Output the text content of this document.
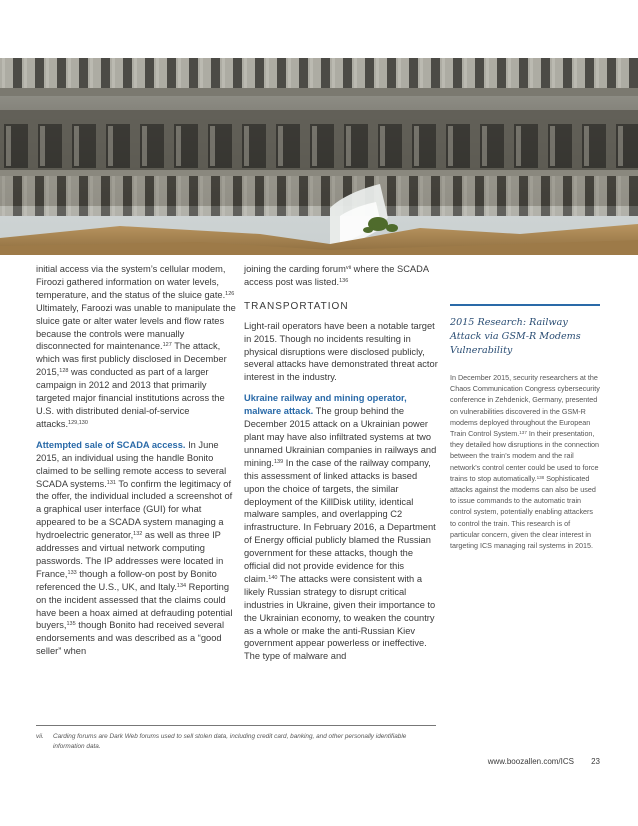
initial access via the system’s cellular modem, Firoozi gathered information on water levels, temperature, and the status of the sluice gate.$^{126}$ Ultimately, Faroozi was unable to manipulate the sluice gate or alter water levels and flow rates because the controls were manually disconnected for maintenance.$^{127}$ The attack, which was first publicly disclosed in December 2015,$^{128}$ was conducted as part of a larger campaign in 2012 and 2013 that primarily targeted major financial institutions across the U.S. with distributed denial-of-service attacks.$^{129,130}$

Attempted sale of SCADA access. In June 2015, an individual using the handle Bonito claimed to be selling remote access to several SCADA systems.$^{131}$ To confirm the legitimacy of the offer, the individual included a screenshot of a graphical user interface (GUI) for what appeared to be a SCADA system managing a hydroelectric generator,$^{132}$ as well as three IP addresses and virtual network computing passwords. The IP addresses were located in France,$^{133}$ though a follow-on post by Bonito referenced the U.S., UK, and Italy.$^{134}$ Reporting on the incident assessed that the claims could have been a hoax aimed at defrauding potential buyers,$^{135}$ though Bonito had received several endorsements and was described as a “good seller” when

joining the carding forum$^{vii}$ where the SCADA access post was listed.$^{136}$

TRANSPORTATION

Light-rail operators have been a notable target in 2015. Though no incidents resulting in physical disruptions were disclosed publicly, several attacks have demonstrated threat actor interest in the industry.

Ukraine railway and mining operator, malware attack. The group behind the December 2015 attack on a Ukrainian power plant may have also infiltrated systems at two unnamed Ukrainian companies in railways and mining.$^{139}$ In the case of the railway company, this assessment of linked attacks is based upon the choice of targets, the similar deployment of the KillDisk utility, identical malware samples, and overlapping C2 infrastructure. In February 2016, a Department of Energy official publicly blamed the Russian government for these attacks, though the official did not provide evidence for this claim.$^{140}$ The attacks were consistent with a likely Russian strategy to disrupt critical industries in Ukraine, given their importance to the Ukrainian economy, to weaken the country as a whole or make the anti-Russian Kiev government appear powerless or ineffective. The type of malware and

2015 Research: Railway Attack via GSM-R Modems Vulnerability

In December 2015, security researchers at the Chaos Communication Congress cybersecurity conference in Zehdenick, Germany, presented on vulnerabilities discovered in the GSM-R modems deployed throughout the European Train Control System.$^{137}$ In their presentation, they detailed how disruptions in the connection between the train’s modem and the rail network’s control center could be used to force trains to stop automatically.$^{138}$ Sophisticated attacks against the modems can also be used to issue commands to the automatic train control system, potentially enabling attackers to control the train. This research is of particular concern, given the clear interest in targeting ICS managing rail systems in 2015.

vii. Carding forums are Dark Web forums used to sell stolen data, including credit card, banking, and other personally identifiable information data.
www.boozallen.com/ICS 23
